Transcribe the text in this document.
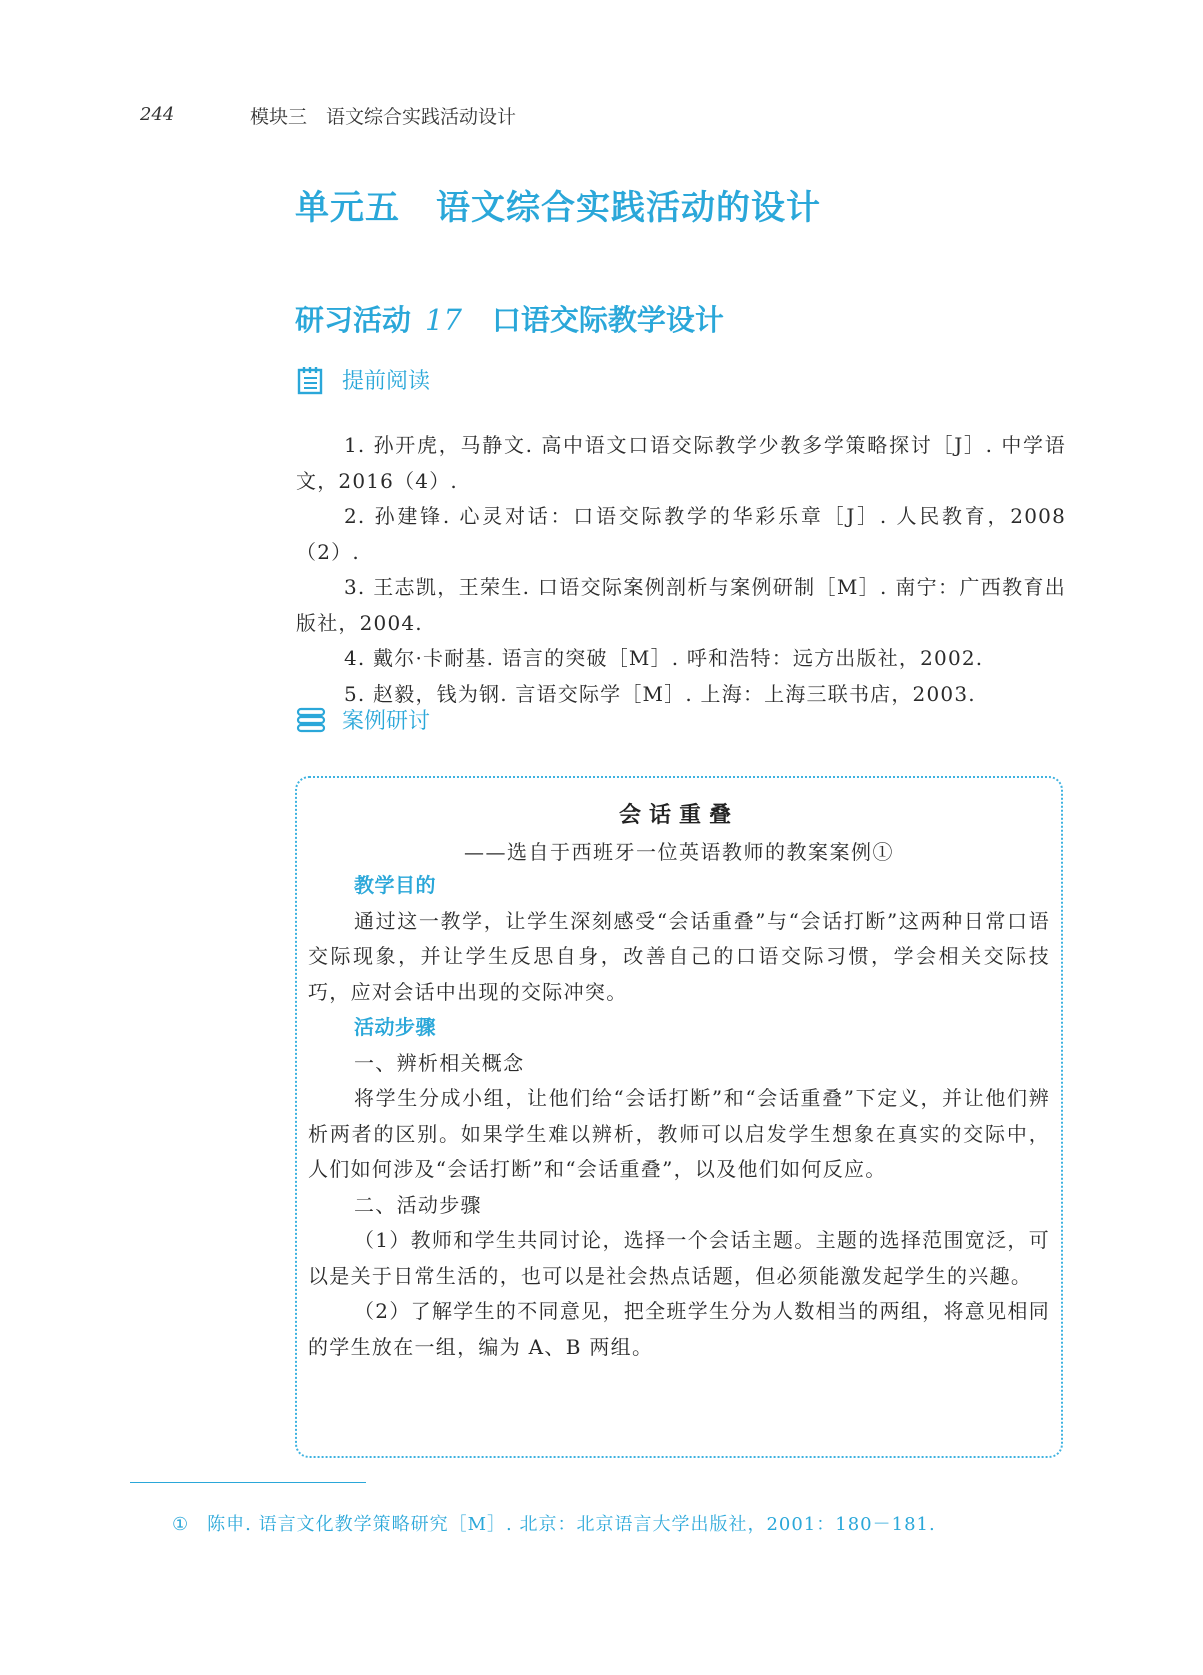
244	模块三　语文综合实践活动设计
单元五 语文综合实践活动的设计
研习活动 17 口语交际教学设计
提前阅读

1. 孙开虎，马静文. 高中语文口语交际教学少教多学策略探讨［J］. 中学语文，2016（4）.

2. 孙建锋. 心灵对话：口语交际教学的华彩乐章［J］. 人民教育，2008（2）.

3. 王志凯，王荣生. 口语交际案例剖析与案例研制［M］. 南宁：广西教育出版社，2004.

4. 戴尔·卡耐基. 语言的突破［M］. 呼和浩特：远方出版社，2002.

5. 赵毅，钱为钢. 言语交际学［M］. 上海：上海三联书店，2003.

案例研讨
会话重叠
——选自于西班牙一位英语教师的教案案例①

教学目的

通过这一教学，让学生深刻感受“会话重叠”与“会话打断”这两种日常口语交际现象，并让学生反思自身，改善自己的口语交际习惯，学会相关交际技巧，应对会话中出现的交际冲突。

活动步骤

一、辨析相关概念

将学生分成小组，让他们给“会话打断”和“会话重叠”下定义，并让他们辨析两者的区别。如果学生难以辨析，教师可以启发学生想象在真实的交际中，人们如何涉及“会话打断”和“会话重叠”，以及他们如何反应。

二、活动步骤

（1）教师和学生共同讨论，选择一个会话主题。主题的选择范围宽泛，可以是关于日常生活的，也可以是社会热点话题，但必须能激发起学生的兴趣。

（2）了解学生的不同意见，把全班学生分为人数相当的两组，将意见相同的学生放在一组，编为 A、B 两组。

① 陈申. 语言文化教学策略研究［M］. 北京：北京语言大学出版社，2001：180－181.
